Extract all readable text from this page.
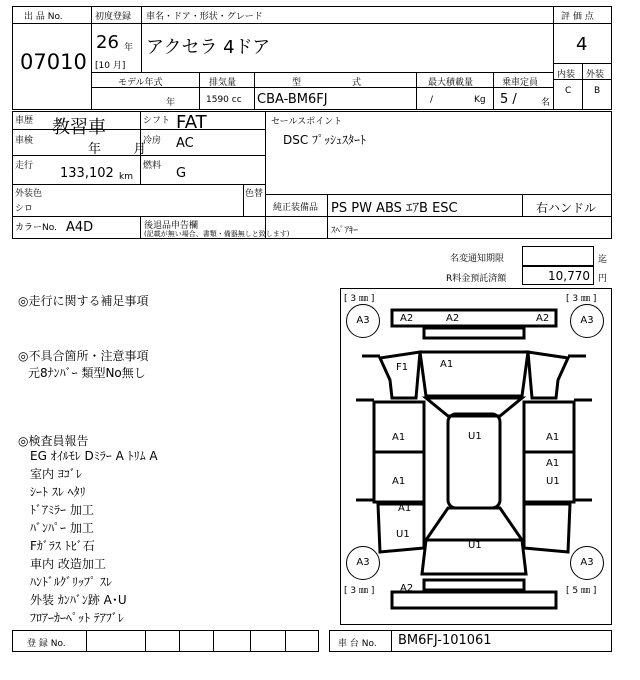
出 品 No.
07010
初度登録
26 年
[10 月]
車名・ドア・形状・グレード
アクセラ 4ドア
評 価 点
4
内装 外装
C	B
モデル年式
年
排気量
1590 cc
型	式
CBA-BM6FJ
最大積載量
/	Kg
乗車定員
5 /	名
車歴 教習車	シフト FAT
車検
年 月
冷房 AC
走行 133,102 km
燃料 G
外装色
シロ
色替
セールスポイント
DSC ﾌﾟｯｼｭｽﾀｰﾄ
純正装備品 PS PW ABS ｴｱB ESC	右ハンドル
カラーNo. A4D	後退品申告欄
(記載が無い場合、書類・備器無しと致します)	ｽﾍﾟｱｷｰ
名変通知期限	迄
R料金預託済額	10,770 円
◎走行に関する補足事項
◎不具合箇所・注意事項
元8ﾅﾝﾊﾞｰ 類型No無し
◎検査員報告
EG ｵｲﾙﾓﾚ Dﾐﾗｰ A ﾄﾘﾑ A
室内 ﾖｺﾞﾚ
ｼｰﾄ ｽﾚ ﾍﾀﾘ
ﾄﾞｱﾐﾗｰ 加工
ﾊﾞﾝﾊﾟｰ 加工
Fｶﾞﾗｽ ﾄﾋﾞ石
車内 改造加工
ﾊﾝﾄﾞﾙｸﾞﾘｯﾌﾟ ｽﾚ
外装 ｶﾝﾊﾞﾝ跡 A･U
ﾌﾛｱｰｶｰﾍﾟｯﾄ ﾃｱﾌﾞﾚ
[ 3 ㎜ ]	[ 3 ㎜ ]
[ 3 ㎜ ]	[ 5 ㎜ ]
A3	A3
A3	A3
A2	A2	A2
F1	A1
A1
A1
U1	A1
A1
U1
A1
U1
U1
A2
登 録 No.	車 台 No. BM6FJ-101061
